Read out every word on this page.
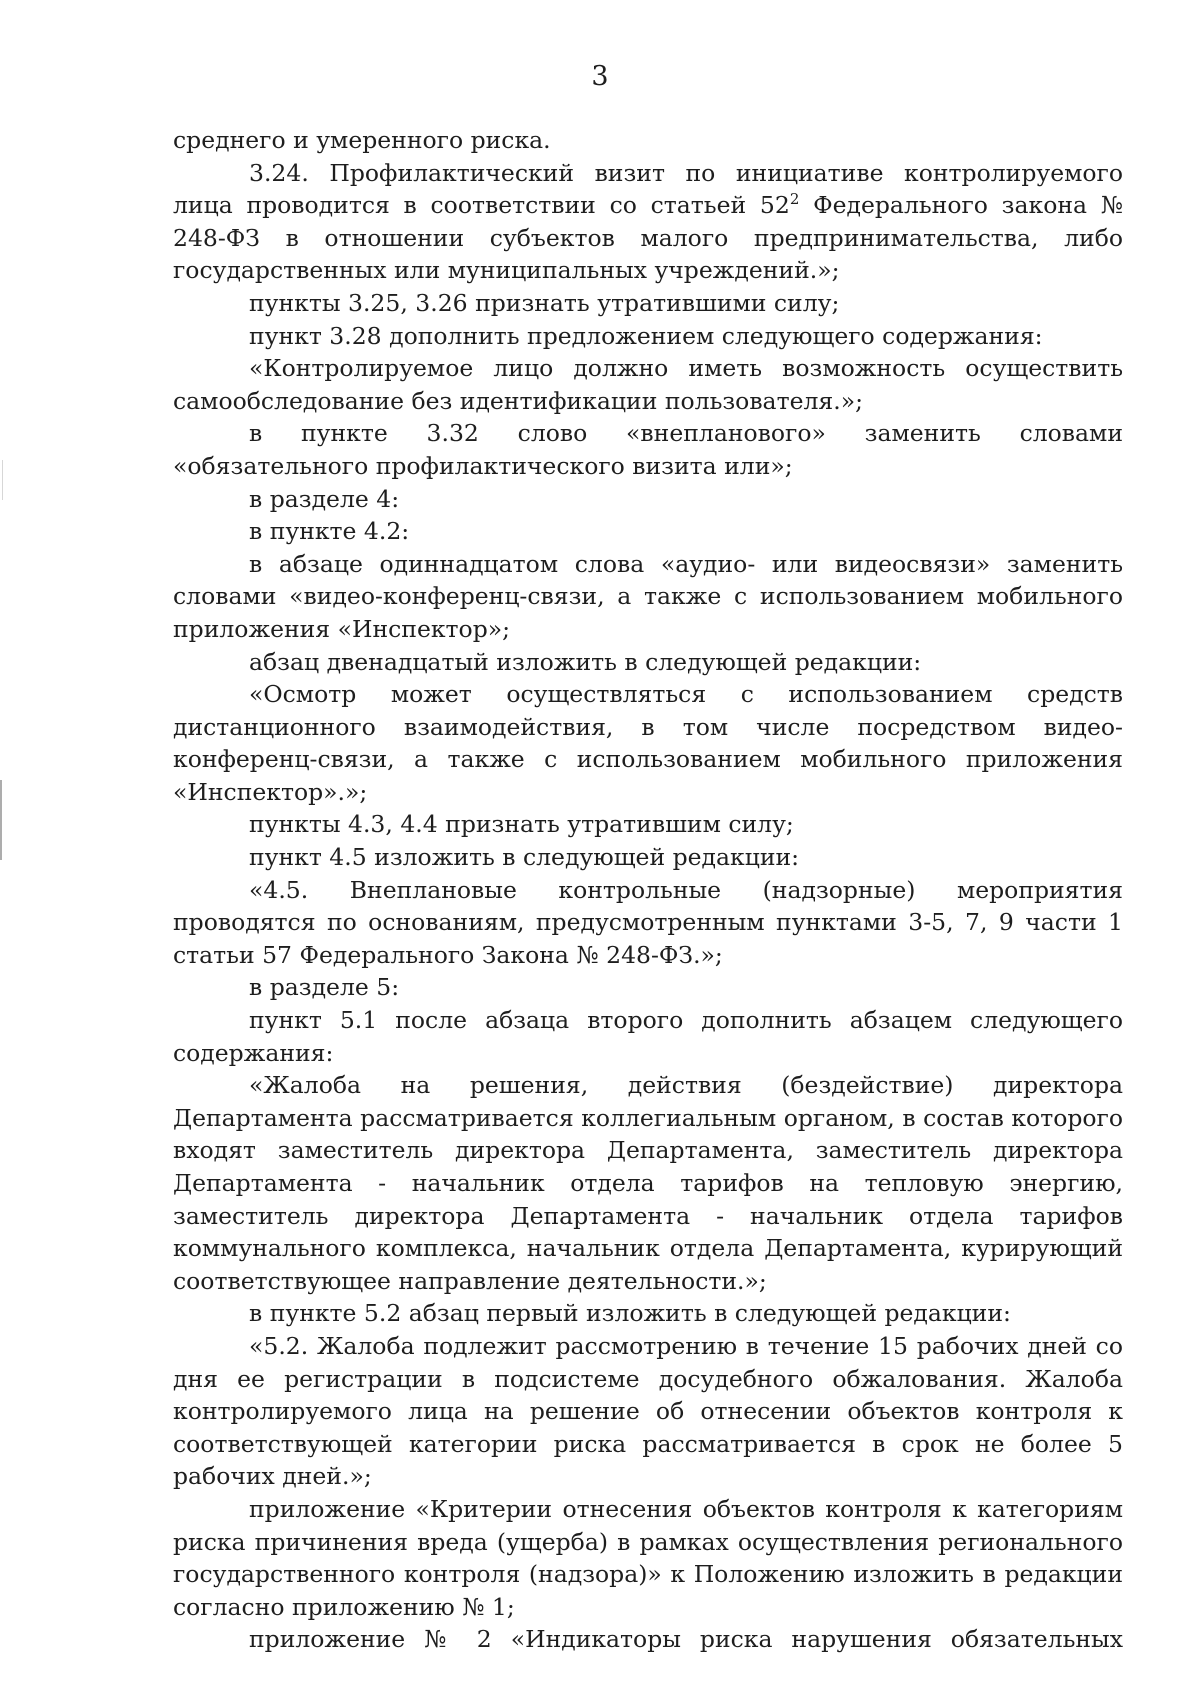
3

среднего и умеренного риска.

3.24. Профилактический визит по инициативе контролируемого лица проводится в соответствии со статьей $52^2$ Федерального закона № 248-ФЗ в отношении субъектов малого предпринимательства, либо государственных или муниципальных учреждений.»;

пункты 3.25, 3.26 признать утратившими силу;

пункт 3.28 дополнить предложением следующего содержания:

«Контролируемое лицо должно иметь возможность осуществить самообследование без идентификации пользователя.»;

в пункте 3.32 слово «внепланового» заменить словами «обязательного профилактического визита или»;

в разделе 4:

в пункте 4.2:

в абзаце одиннадцатом слова «аудио- или видеосвязи» заменить словами «видео-конференц-связи, а также с использованием мобильного приложения «Инспектор»;

абзац двенадцатый изложить в следующей редакции:

«Осмотр может осуществляться с использованием средств дистанционного взаимодействия, в том числе посредством видео-конференц-связи, а также с использованием мобильного приложения «Инспектор».»;

пункты 4.3, 4.4 признать утратившим силу;

пункт 4.5 изложить в следующей редакции:

«4.5. Внеплановые контрольные (надзорные) мероприятия проводятся по основаниям, предусмотренным пунктами 3-5, 7, 9 части 1 статьи 57 Федерального Закона № 248-ФЗ.»;

в разделе 5:

пункт 5.1 после абзаца второго дополнить абзацем следующего содержания:

«Жалоба на решения, действия (бездействие) директора Департамента рассматривается коллегиальным органом, в состав которого входят заместитель директора Департамента, заместитель директора Департамента - начальник отдела тарифов на тепловую энергию, заместитель директора Департамента - начальник отдела тарифов коммунального комплекса, начальник отдела Департамента, курирующий соответствующее направление деятельности.»;

в пункте 5.2 абзац первый изложить в следующей редакции:

«5.2. Жалоба подлежит рассмотрению в течение 15 рабочих дней со дня ее регистрации в подсистеме досудебного обжалования. Жалоба контролируемого лица на решение об отнесении объектов контроля к соответствующей категории риска рассматривается в срок не более 5 рабочих дней.»;

приложение «Критерии отнесения объектов контроля к категориям риска причинения вреда (ущерба) в рамках осуществления регионального государственного контроля (надзора)» к Положению изложить в редакции согласно приложению № 1;

приложение № 2 «Индикаторы риска нарушения обязательных
